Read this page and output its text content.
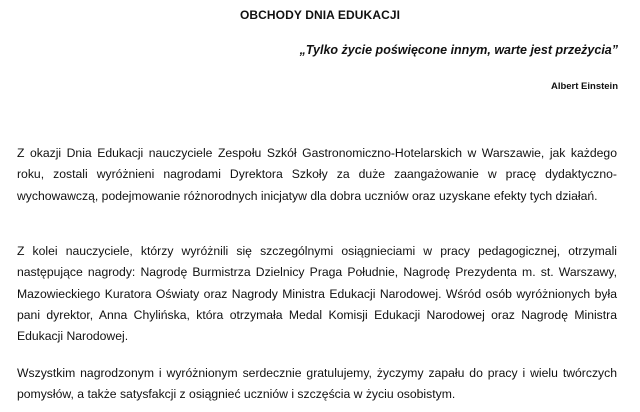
OBCHODY DNIA EDUKACJI
„Tylko życie poświęcone innym, warte jest przeżycia”
Albert Einstein

Z okazji Dnia Edukacji nauczyciele Zespołu Szkół Gastronomiczno-Hotelarskich w Warszawie, jak każdego roku, zostali wyróżnieni nagrodami Dyrektora Szkoły za duże zaangażowanie w pracę dydaktyczno-wychowawczą, podejmowanie różnorodnych inicjatyw dla dobra uczniów oraz uzyskane efekty tych działań.

Z kolei nauczyciele, którzy wyróżnili się szczególnymi osiągnieciami w pracy pedagogicznej, otrzymali następujące nagrody: Nagrodę Burmistrza Dzielnicy Praga Południe, Nagrodę Prezydenta m. st. Warszawy, Mazowieckiego Kuratora Oświaty oraz Nagrody Ministra Edukacji Narodowej. Wśród osób wyróżnionych była pani dyrektor, Anna Chylińska, która otrzymała Medal Komisji Edukacji Narodowej oraz Nagrodę Ministra Edukacji Narodowej.

Wszystkim nagrodzonym i wyróżnionym serdecznie gratulujemy, życzymy zapału do pracy i wielu twórczych pomysłów, a także satysfakcji z osiągnieć uczniów i szczęścia w życiu osobistym.
